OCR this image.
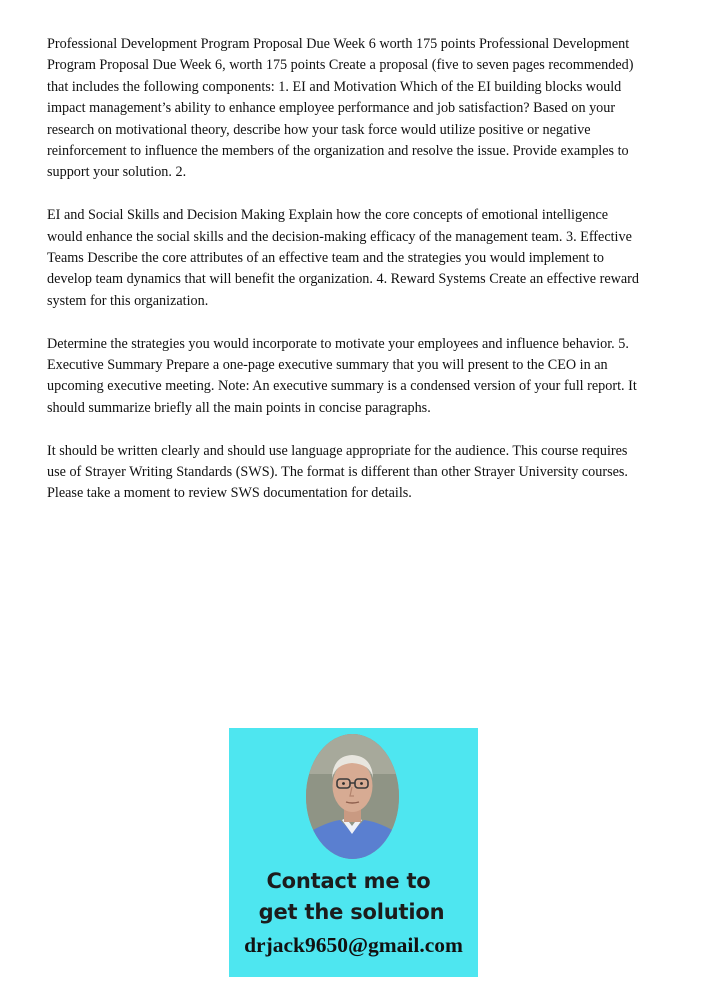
Professional Development Program Proposal Due Week 6 worth 175 points Professional Development Program Proposal Due Week 6, worth 175 points Create a proposal (five to seven pages recommended) that includes the following components: 1. EI and Motivation Which of the EI building blocks would impact management’s ability to enhance employee performance and job satisfaction? Based on your research on motivational theory, describe how your task force would utilize positive or negative reinforcement to influence the members of the organization and resolve the issue. Provide examples to support your solution. 2.

EI and Social Skills and Decision Making Explain how the core concepts of emotional intelligence would enhance the social skills and the decision-making efficacy of the management team. 3. Effective Teams Describe the core attributes of an effective team and the strategies you would implement to develop team dynamics that will benefit the organization. 4. Reward Systems Create an effective reward system for this organization.

Determine the strategies you would incorporate to motivate your employees and influence behavior. 5. Executive Summary Prepare a one-page executive summary that you will present to the CEO in an upcoming executive meeting. Note: An executive summary is a condensed version of your full report. It should summarize briefly all the main points in concise paragraphs.

It should be written clearly and should use language appropriate for the audience. This course requires use of Strayer Writing Standards (SWS). The format is different than other Strayer University courses. Please take a moment to review SWS documentation for details.

Contact me to
get the solution
drjack9650@gmail.com
